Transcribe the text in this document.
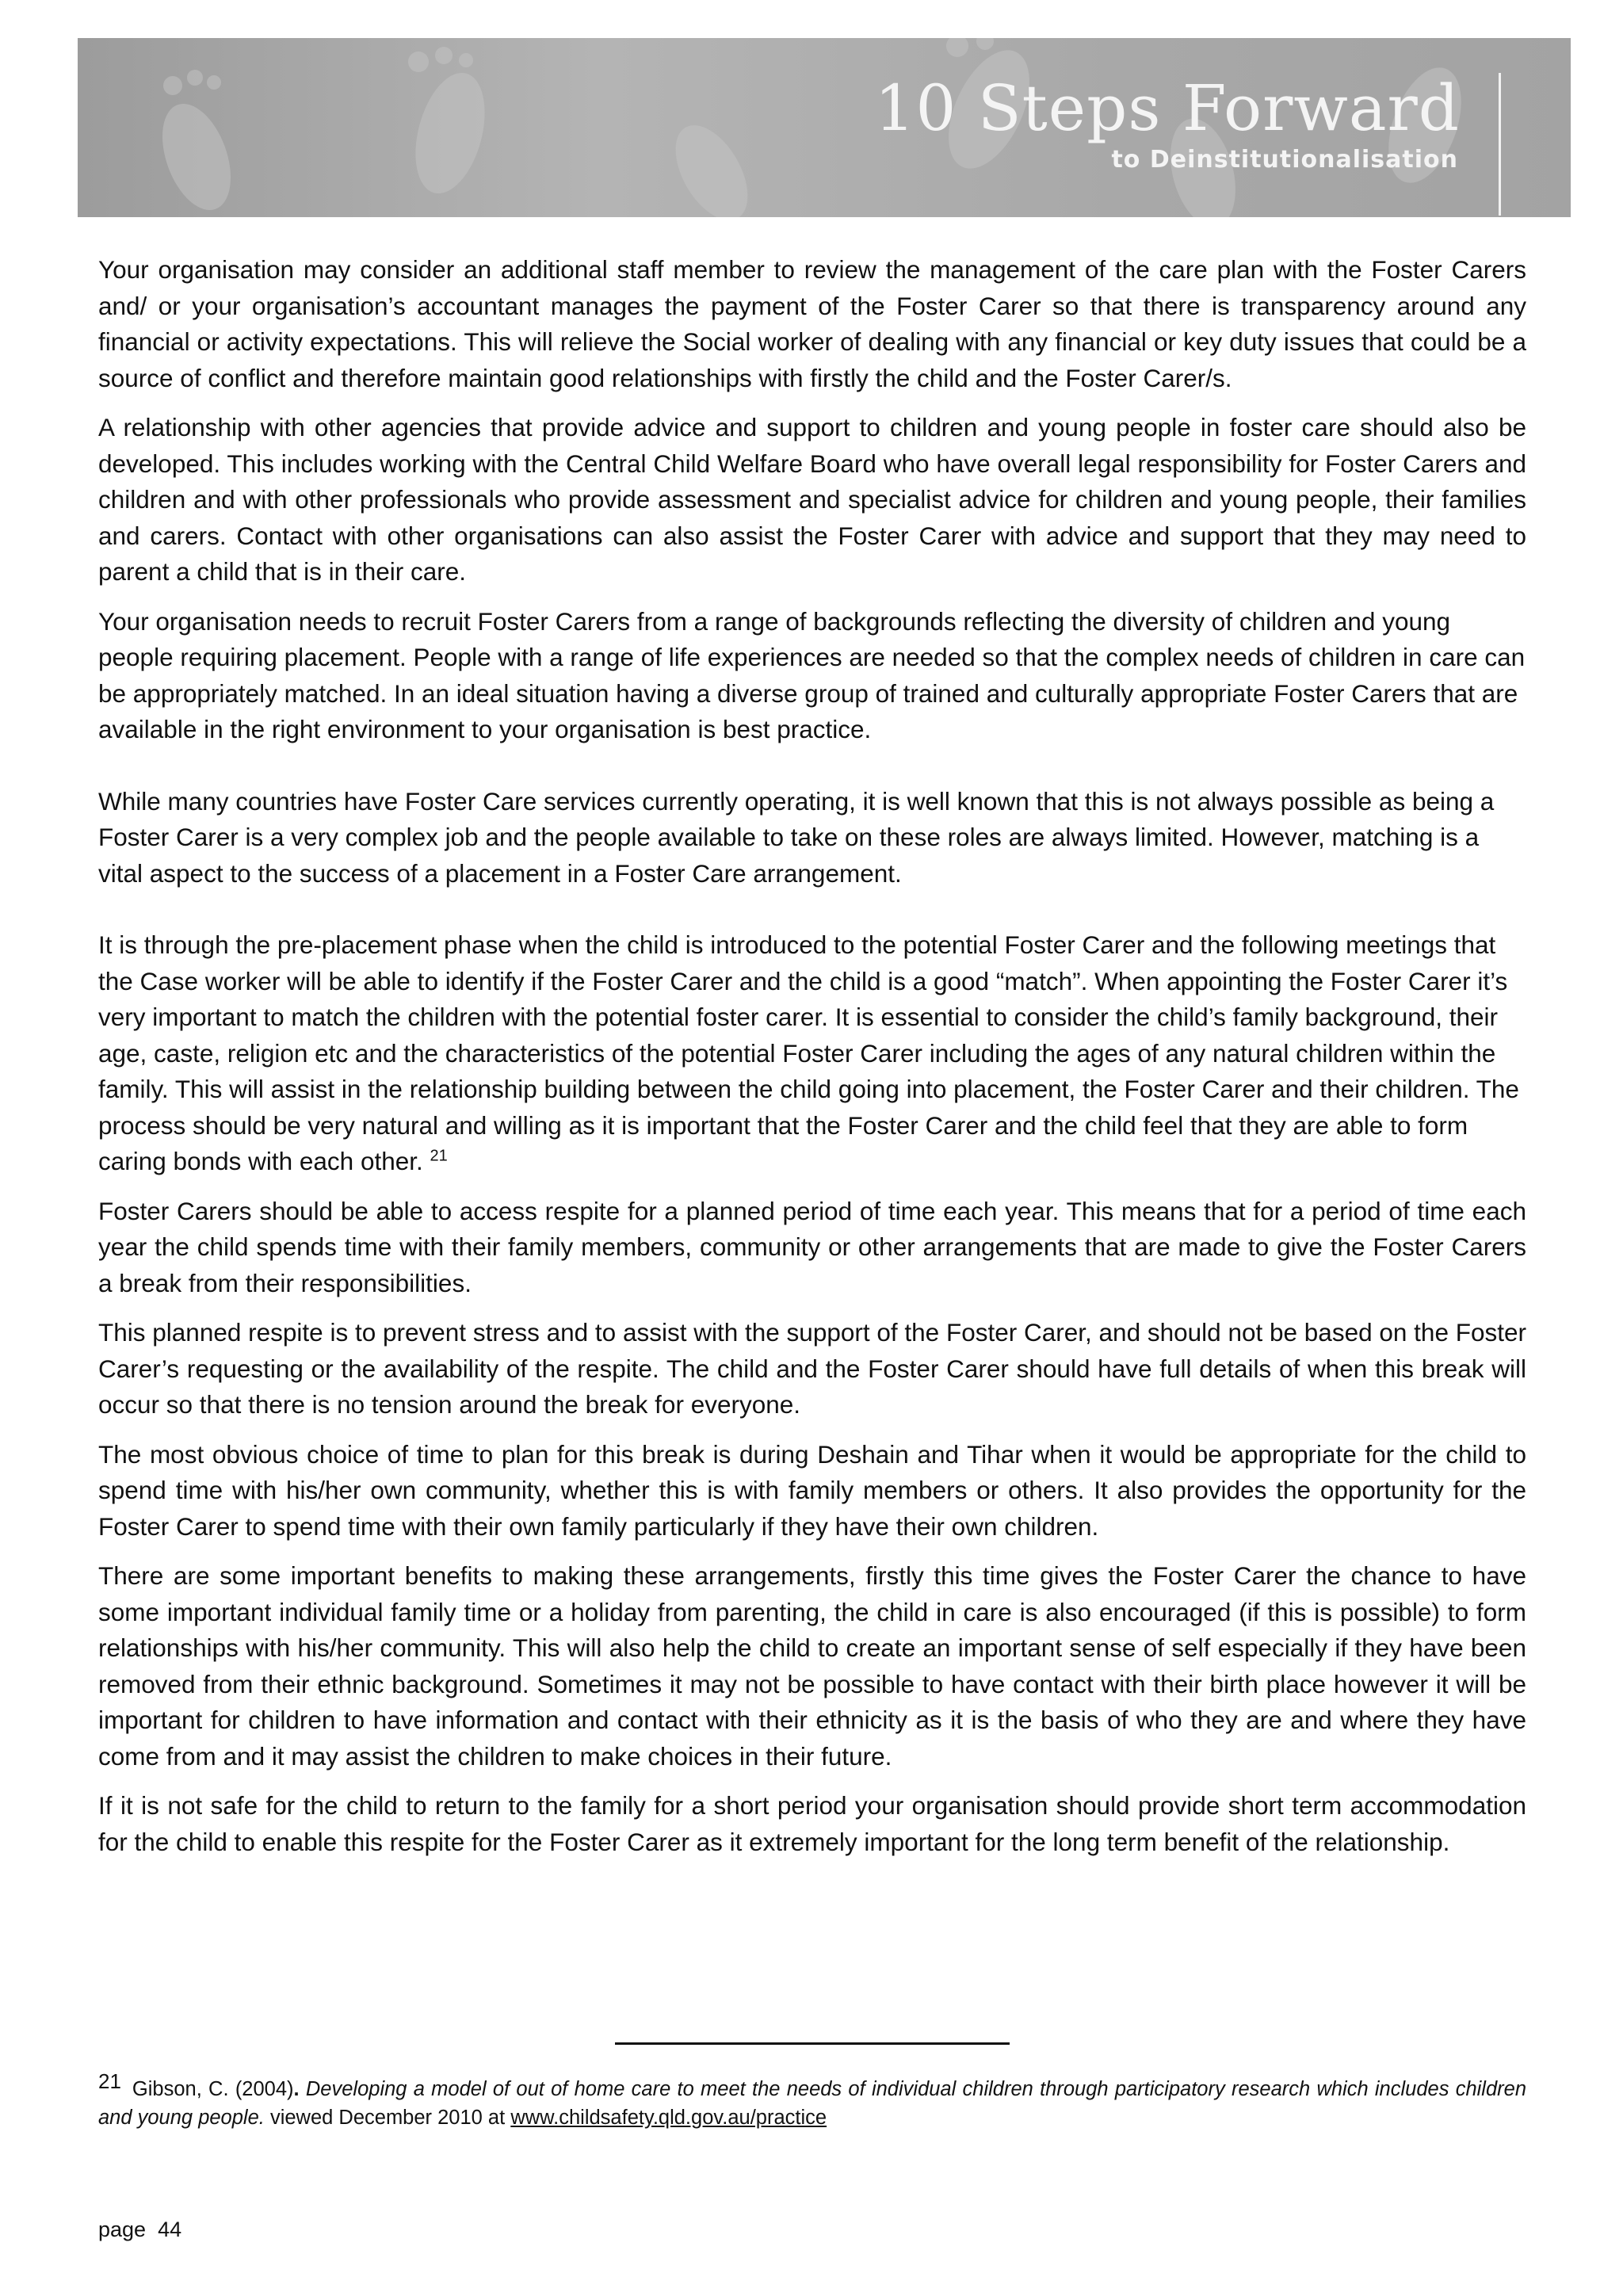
10 Steps Forward
to Deinstitutionalisation

Your organisation may consider an additional staff member to review the management of the care plan with the Foster Carers and/ or your organisation’s accountant manages the payment of the Foster Carer so that there is transparency around any financial or activity expectations. This will relieve the Social worker of dealing with any financial or key duty issues that could be a source of conflict and therefore maintain good relationships with firstly the child and the Foster Carer/s.

A relationship with other agencies that provide advice and support to children and young people in foster care should also be developed. This includes working with the Central Child Welfare Board who have overall legal responsibility for Foster Carers and children and with other professionals who provide assessment and specialist advice for children and young people, their families and carers. Contact with other organisations can also assist the Foster Carer with advice and support that they may need to parent a child that is in their care.

Your organisation needs to recruit Foster Carers from a range of backgrounds reflecting the diversity of children and young people requiring placement. People with a range of life experiences are needed so that the complex needs of children in care can be appropriately matched. In an ideal situation having a diverse group of trained and culturally appropriate Foster Carers that are available in the right environment to your organisation is best practice.

While many countries have Foster Care services currently operating, it is well known that this is not always possible as being a Foster Carer is a very complex job and the people available to take on these roles are always limited. However, matching is a vital aspect to the success of a placement in a Foster Care arrangement.

It is through the pre-placement phase when the child is introduced to the potential Foster Carer and the following meetings that the Case worker will be able to identify if the Foster Carer and the child is a good “match”. When appointing the Foster Carer it’s very important to match the children with the potential foster carer. It is essential to consider the child’s family background, their age, caste, religion etc and the characteristics of the potential Foster Carer including the ages of any natural children within the family. This will assist in the relationship building between the child going into placement, the Foster Carer and their children. The process should be very natural and willing as it is important that the Foster Carer and the child feel that they are able to form caring bonds with each other. $^{21}$

Foster Carers should be able to access respite for a planned period of time each year. This means that for a period of time each year the child spends time with their family members, community or other arrangements that are made to give the Foster Carers a break from their responsibilities.

This planned respite is to prevent stress and to assist with the support of the Foster Carer, and should not be based on the Foster Carer’s requesting or the availability of the respite. The child and the Foster Carer should have full details of when this break will occur so that there is no tension around the break for everyone.

The most obvious choice of time to plan for this break is during Deshain and Tihar when it would be appropriate for the child to spend time with his/her own community, whether this is with family members or others. It also provides the opportunity for the Foster Carer to spend time with their own family particularly if they have their own children.

There are some important benefits to making these arrangements, firstly this time gives the Foster Carer the chance to have some important individual family time or a holiday from parenting, the child in care is also encouraged (if this is possible) to form relationships with his/her community. This will also help the child to create an important sense of self especially if they have been removed from their ethnic background. Sometimes it may not be possible to have contact with their birth place however it will be important for children to have information and contact with their ethnicity as it is the basis of who they are and where they have come from and it may assist the children to make choices in their future.

If it is not safe for the child to return to the family for a short period your organisation should provide short term accommodation for the child to enable this respite for the Foster Carer as it extremely important for the long term benefit of the relationship.

21 Gibson, C. (2004). Developing a model of out of home care to meet the needs of individual children through participatory research which includes children and young people. viewed December 2010 at www.childsafety.qld.gov.au/practice
page  44
